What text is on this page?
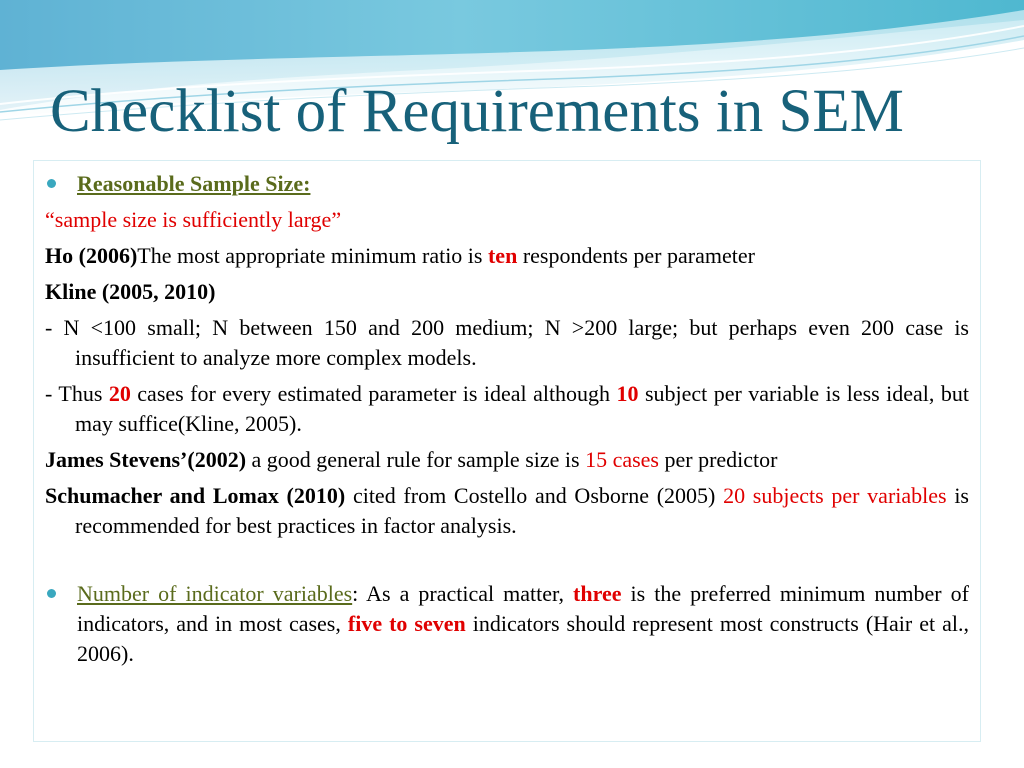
Checklist of Requirements in SEM
Reasonable Sample Size:
“sample size is sufficiently large”
Ho (2006)The most appropriate minimum ratio is ten respondents per parameter
Kline (2005, 2010)
- N <100 small; N between 150 and 200 medium; N >200 large; but perhaps even 200 case is insufficient to analyze more complex models.
- Thus 20 cases for every estimated parameter is ideal although 10 subject per variable is less ideal, but may suffice(Kline, 2005).
James Stevens’(2002) a good general rule for sample size is 15 cases per predictor
Schumacher and Lomax (2010) cited from Costello and Osborne (2005) 20 subjects per variables is recommended for best practices in factor analysis.
Number of indicator variables: As a practical matter, three is the preferred minimum number of indicators, and in most cases, five to seven indicators should represent most constructs (Hair et al., 2006).
